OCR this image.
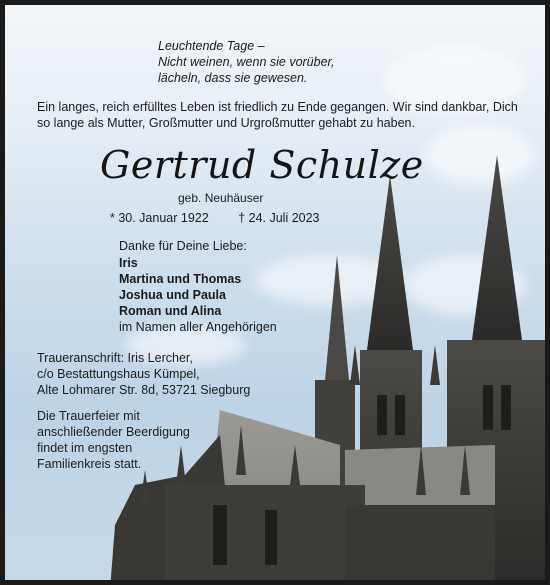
Leuchtende Tage –
Nicht weinen, wenn sie vorüber,
lächeln, dass sie gewesen.
Ein langes, reich erfülltes Leben ist friedlich zu Ende gegangen. Wir sind dankbar, Dich
so lange als Mutter, Großmutter und Urgroßmutter gehabt zu haben.
Gertrud Schulze
geb. Neuhäuser
* 30. Januar 1922 † 24. Juli 2023
Danke für Deine Liebe:
Iris
Martina und Thomas
Joshua und Paula
Roman und Alina
im Namen aller Angehörigen
Traueranschrift: Iris Lercher,
c/o Bestattungshaus Kümpel,
Alte Lohmarer Str. 8d, 53721 Siegburg
Die Trauerfeier mit
anschließender Beerdigung
findet im engsten
Familienkreis statt.
